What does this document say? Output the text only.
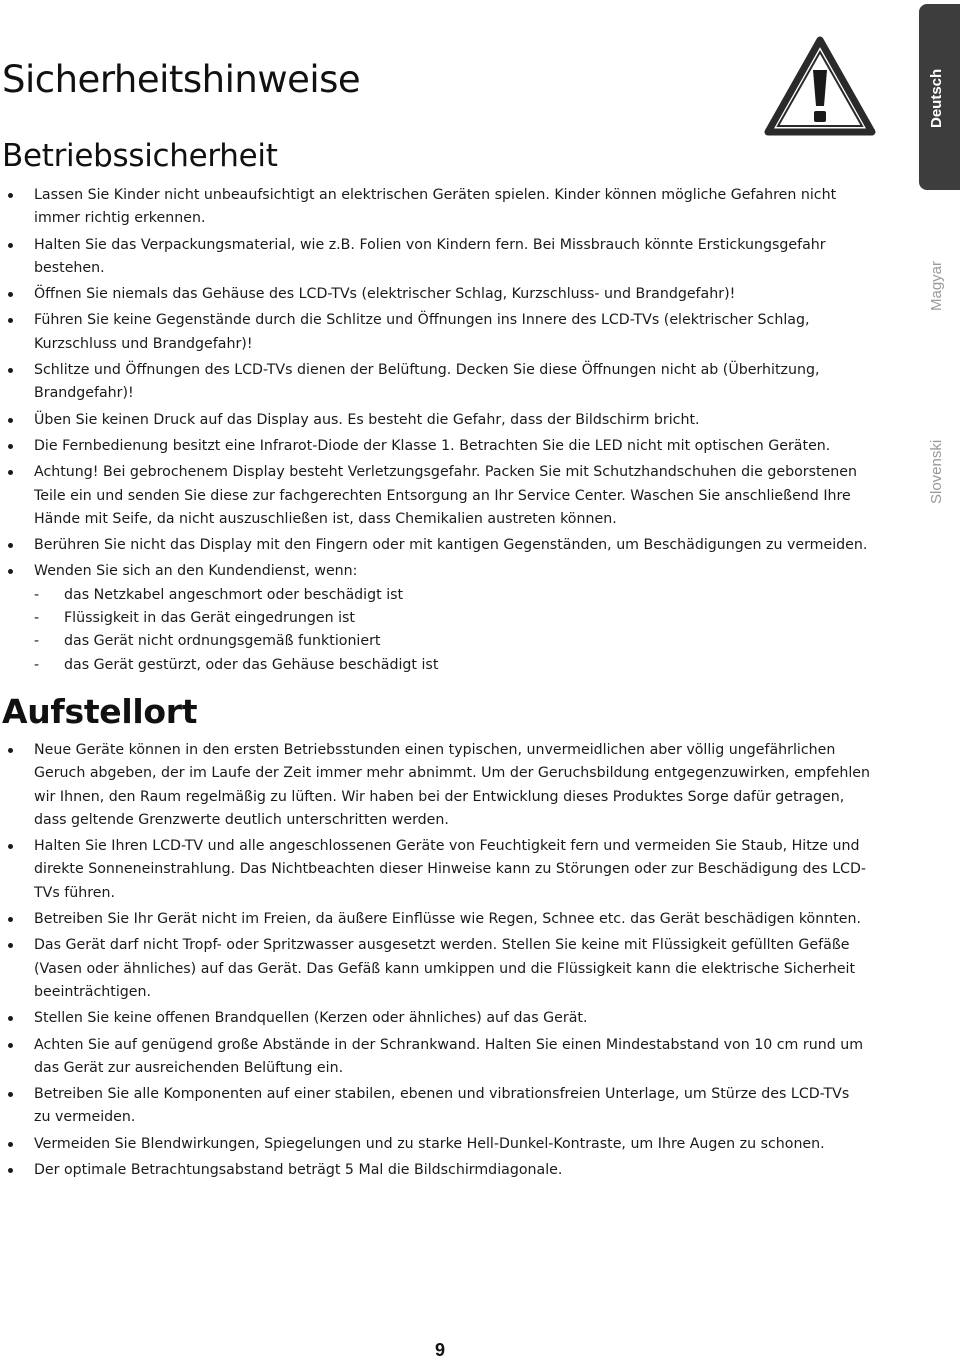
Sicherheitshinweise	Deutsch
Magyar
Slovenski
Betriebssicherheit
Lassen Sie Kinder nicht unbeaufsichtigt an elektrischen Geräten spielen. Kinder können mögliche Gefahren nicht immer richtig erkennen.
Halten Sie das Verpackungsmaterial, wie z.B. Folien von Kindern fern. Bei Missbrauch könnte Erstickungsgefahr bestehen.
Öffnen Sie niemals das Gehäuse des LCD-TVs (elektrischer Schlag, Kurzschluss- und Brandgefahr)!
Führen Sie keine Gegenstände durch die Schlitze und Öffnungen ins Innere des LCD-TVs (elektrischer Schlag, Kurzschluss und Brandgefahr)!
Schlitze und Öffnungen des LCD-TVs dienen der Belüftung. Decken Sie diese Öffnungen nicht ab (Überhitzung, Brandgefahr)!
Üben Sie keinen Druck auf das Display aus. Es besteht die Gefahr, dass der Bildschirm bricht.
Die Fernbedienung besitzt eine Infrarot-Diode der Klasse 1. Betrachten Sie die LED nicht mit optischen Geräten.
Achtung! Bei gebrochenem Display besteht Verletzungsgefahr. Packen Sie mit Schutzhandschuhen die geborstenen Teile ein und senden Sie diese zur fachgerechten Entsorgung an Ihr Service Center. Waschen Sie anschließend Ihre Hände mit Seife, da nicht auszuschließen ist, dass Chemikalien austreten können.
Berühren Sie nicht das Display mit den Fingern oder mit kantigen Gegenständen, um Beschädigungen zu vermeiden.
Wenden Sie sich an den Kundendienst, wenn:
- das Netzkabel angeschmort oder beschädigt ist
- Flüssigkeit in das Gerät eingedrungen ist
- das Gerät nicht ordnungsgemäß funktioniert
- das Gerät gestürzt, oder das Gehäuse beschädigt ist
Aufstellort
Neue Geräte können in den ersten Betriebsstunden einen typischen, unvermeidlichen aber völlig ungefährlichen Geruch abgeben, der im Laufe der Zeit immer mehr abnimmt. Um der Geruchsbildung entgegenzuwirken, empfehlen wir Ihnen, den Raum regelmäßig zu lüften. Wir haben bei der Entwicklung dieses Produktes Sorge dafür getragen, dass geltende Grenzwerte deutlich unterschritten werden.
Halten Sie Ihren LCD-TV und alle angeschlossenen Geräte von Feuchtigkeit fern und vermeiden Sie Staub, Hitze und direkte Sonneneinstrahlung. Das Nichtbeachten dieser Hinweise kann zu Störungen oder zur Beschädigung des LCD-TVs führen.
Betreiben Sie Ihr Gerät nicht im Freien, da äußere Einflüsse wie Regen, Schnee etc. das Gerät beschädigen könnten.
Das Gerät darf nicht Tropf- oder Spritzwasser ausgesetzt werden. Stellen Sie keine mit Flüssigkeit gefüllten Gefäße (Vasen oder ähnliches) auf das Gerät. Das Gefäß kann umkippen und die Flüssigkeit kann die elektrische Sicherheit beeinträchtigen.
Stellen Sie keine offenen Brandquellen (Kerzen oder ähnliches) auf das Gerät.
Achten Sie auf genügend große Abstände in der Schrankwand. Halten Sie einen Mindestabstand von 10 cm rund um das Gerät zur ausreichenden Belüftung ein.
Betreiben Sie alle Komponenten auf einer stabilen, ebenen und vibrationsfreien Unterlage, um Stürze des LCD-TVs zu vermeiden.
Vermeiden Sie Blendwirkungen, Spiegelungen und zu starke Hell-Dunkel-Kontraste, um Ihre Augen zu schonen.
Der optimale Betrachtungsabstand beträgt 5 Mal die Bildschirmdiagonale.
9
